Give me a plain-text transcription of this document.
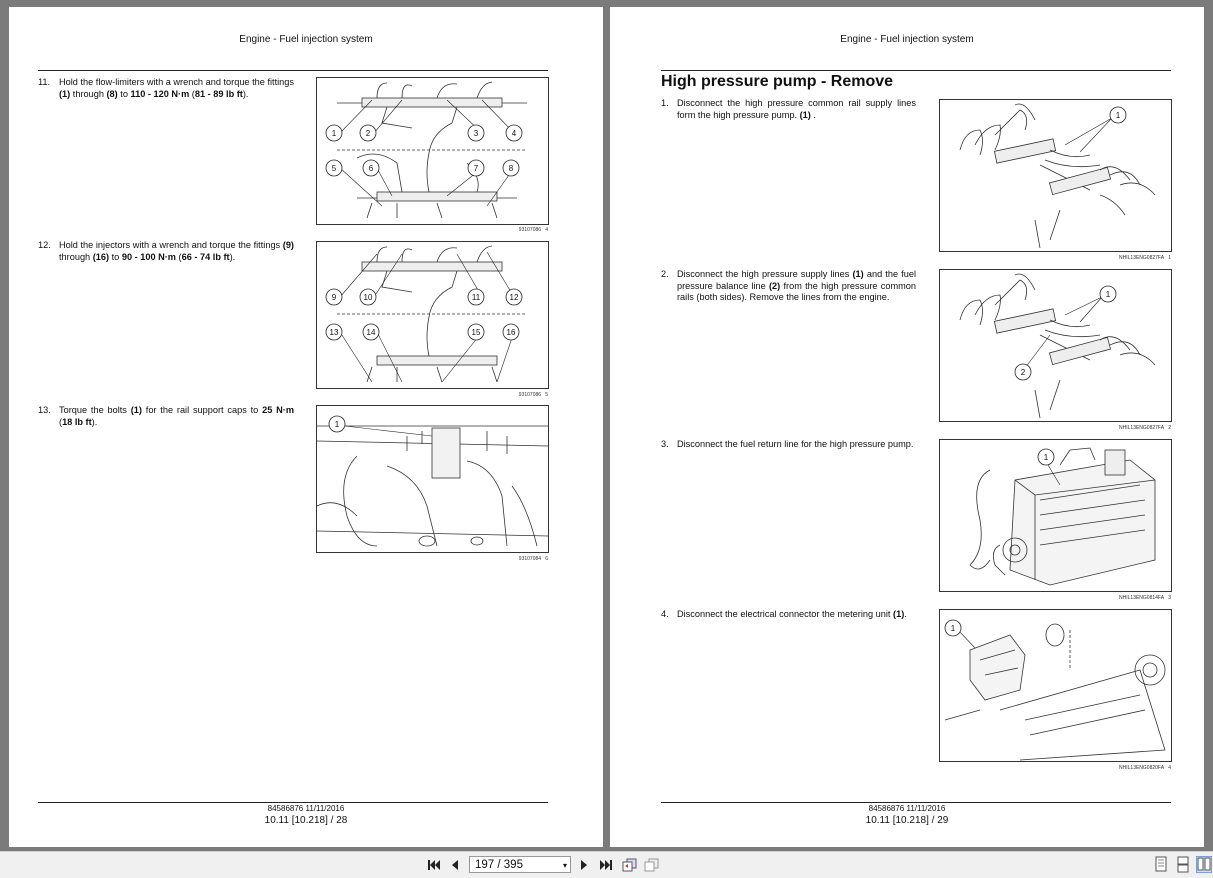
Engine - Fuel injection system
11. Hold the flow-limiters with a wrench and torque the fittings (1) through (8) to 110 - 120 N·m (81 - 89 lb ft).
1	2	3	4
5	6	7	8
93107086 4
12. Hold the injectors with a wrench and torque the fittings (9) through (16) to 90 - 100 N·m (66 - 74 lb ft).
9	10	11	12
13	14	15	16
93107086 5
13. Torque the bolts (1) for the rail support caps to 25 N·m (18 lb ft).	1
93107084 6
84586876 11/11/2016
10.11 [10.218] / 28
Engine - Fuel injection system
High pressure pump - Remove
1. Disconnect the high pressure common rail supply lines form the high pressure pump. (1) .	1
NHIL13ENG0827FA 1
2. Disconnect the high pressure supply lines (1) and the fuel pressure balance line (2) from the high pressure common rails (both sides). Remove the lines from the engine.	1
2
NHIL13ENG0827FA 2
3. Disconnect the fuel return line for the high pressure pump.
1
NHIL13ENG0814FA 3
4. Disconnect the electrical connector the metering unit (1).
1
NHIL13ENG0820FA 4
84586876 11/11/2016
10.11 [10.218] / 29
197 / 395	▾
